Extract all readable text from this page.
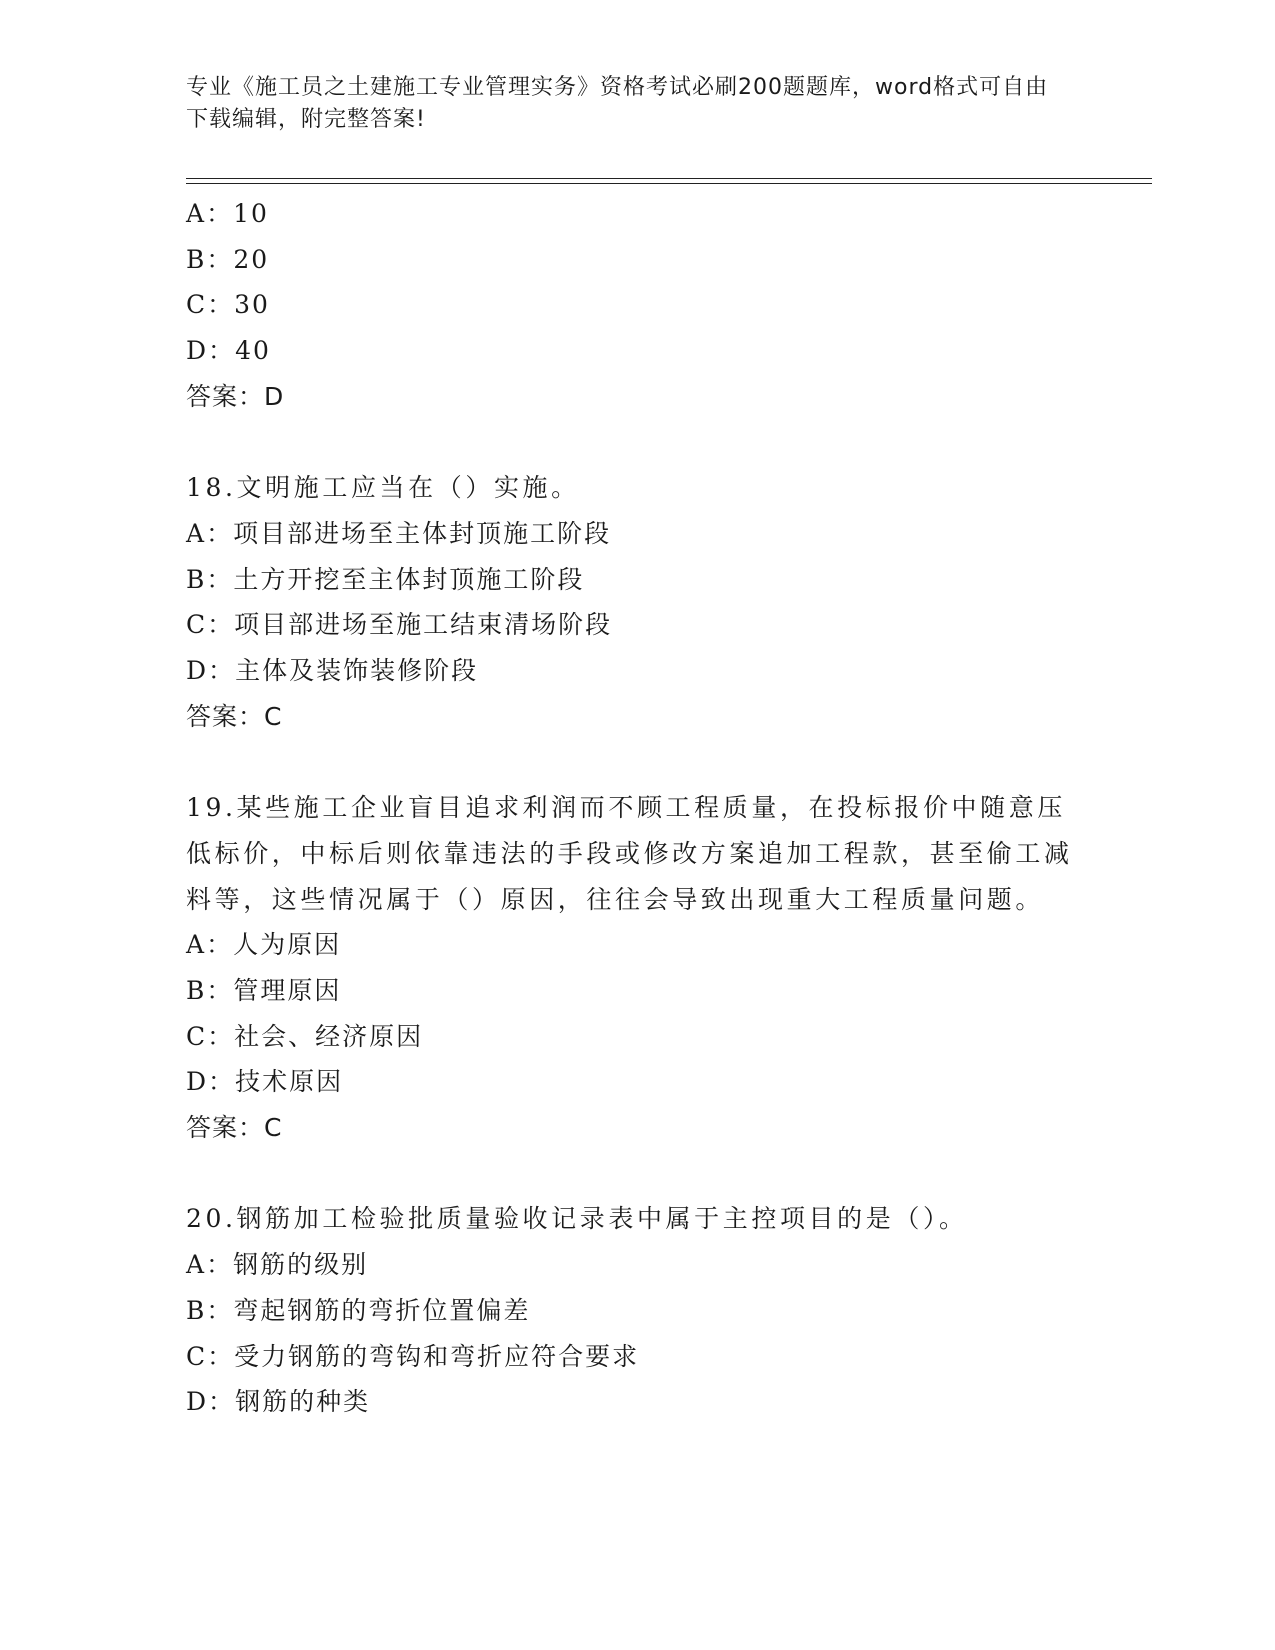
专业《施工员之土建施工专业管理实务》资格考试必刷200题题库，word格式可自由下载编辑，附完整答案!
A：10
B：20
C：30
D：40
答案：D
18.文明施工应当在（）实施。
A：项目部进场至主体封顶施工阶段
B：土方开挖至主体封顶施工阶段
C：项目部进场至施工结束清场阶段
D：主体及装饰装修阶段
答案：C
19.某些施工企业盲目追求利润而不顾工程质量，在投标报价中随意压低标价，中标后则依靠违法的手段或修改方案追加工程款，甚至偷工减料等，这些情况属于（）原因，往往会导致出现重大工程质量问题。
A：人为原因
B：管理原因
C：社会、经济原因
D：技术原因
答案：C
20.钢筋加工检验批质量验收记录表中属于主控项目的是（）。
A：钢筋的级别
B：弯起钢筋的弯折位置偏差
C：受力钢筋的弯钩和弯折应符合要求
D：钢筋的种类
